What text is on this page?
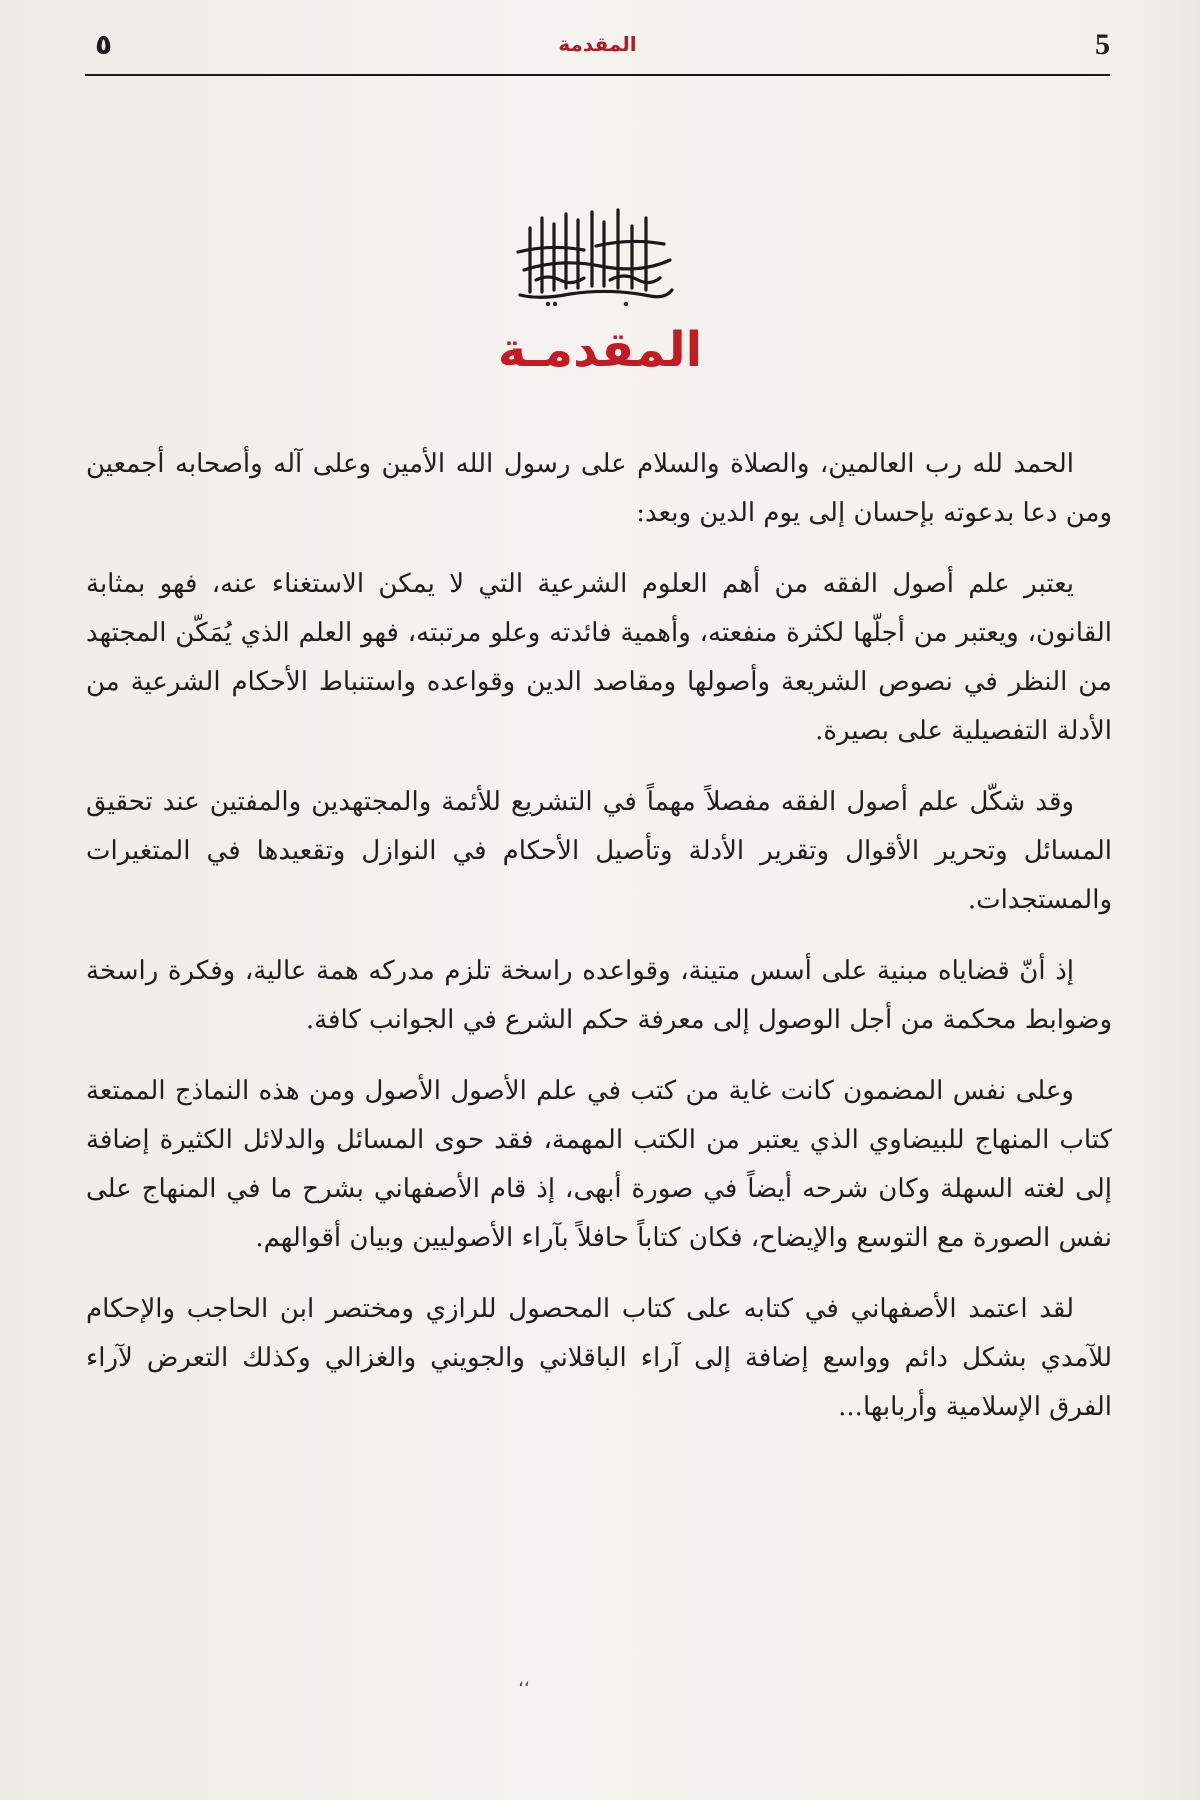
5
المقدمة
٥
المقدمـة

الحمد لله رب العالمين، والصلاة والسلام على رسول الله الأمين وعلى آله وأصحابه أجمعين ومن دعا بدعوته بإحسان إلى يوم الدين وبعد:

يعتبر علم أصول الفقه من أهم العلوم الشرعية التي لا يمكن الاستغناء عنه، فهو بمثابة القانون، ويعتبر من أجلّها لكثرة منفعته، وأهمية فائدته وعلو مرتبته، فهو العلم الذي يُمَكّن المجتهد من النظر في نصوص الشريعة وأصولها ومقاصد الدين وقواعده واستنباط الأحكام الشرعية من الأدلة التفصيلية على بصيرة.

وقد شكّل علم أصول الفقه مفصلاً مهماً في التشريع للأئمة والمجتهدين والمفتين عند تحقيق المسائل وتحرير الأقوال وتقرير الأدلة وتأصيل الأحكام في النوازل وتقعيدها في المتغيرات والمستجدات.

إذ أنّ قضاياه مبنية على أسس متينة، وقواعده راسخة تلزم مدركه همة عالية، وفكرة راسخة وضوابط محكمة من أجل الوصول إلى معرفة حكم الشرع في الجوانب كافة.

وعلى نفس المضمون كانت غاية من كتب في علم الأصول الأصول ومن هذه النماذج الممتعة كتاب المنهاج للبيضاوي الذي يعتبر من الكتب المهمة، فقد حوى المسائل والدلائل الكثيرة إضافة إلى لغته السهلة وكان شرحه أيضاً في صورة أبهى، إذ قام الأصفهاني بشرح ما في المنهاج على نفس الصورة مع التوسع والإيضاح، فكان كتاباً حافلاً بآراء الأصوليين وبيان أقوالهم.

لقد اعتمد الأصفهاني في كتابه على كتاب المحصول للرازي ومختصر ابن الحاجب والإحكام للآمدي بشكل دائم وواسع إضافة إلى آراء الباقلاني والجويني والغزالي وكذلك التعرض لآراء الفرق الإسلامية وأربابها...

،،
